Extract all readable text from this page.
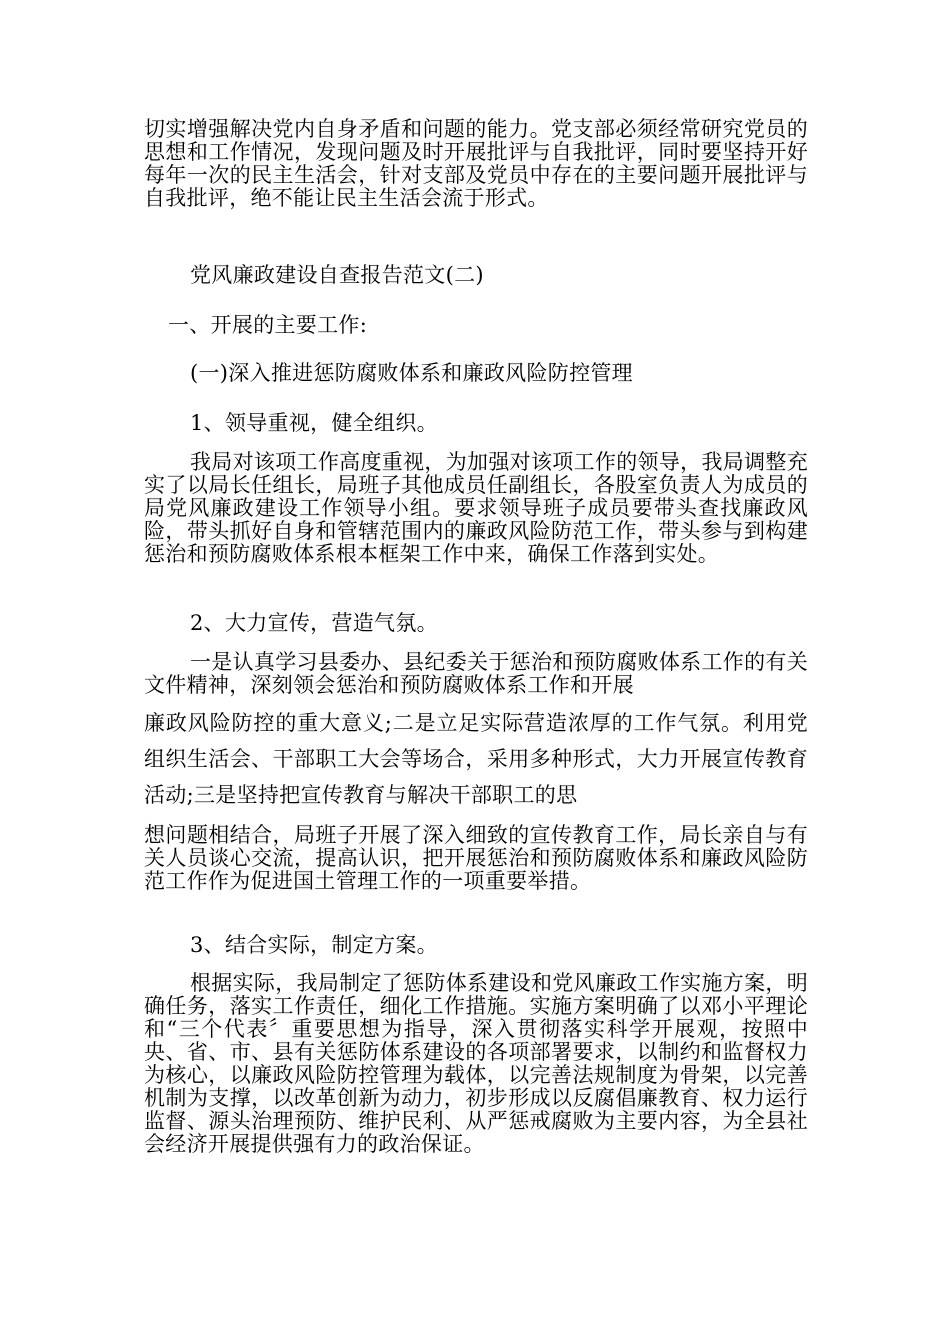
切实增强解决党内自身矛盾和问题的能力。党支部必须经常研究党员的思想和工作情况，发现问题及时开展批评与自我批评，同时要坚持开好每年一次的民主生活会，针对支部及党员中存在的主要问题开展批评与自我批评，绝不能让民主生活会流于形式。

党风廉政建设自查报告范文(二)

一、开展的主要工作:

(一)深入推进惩防腐败体系和廉政风险防控管理

1、领导重视，健全组织。

我局对该项工作高度重视，为加强对该项工作的领导，我局调整充实了以局长任组长，局班子其他成员任副组长，各股室负责人为成员的局党风廉政建设工作领导小组。要求领导班子成员要带头查找廉政风险，带头抓好自身和管辖范围内的廉政风险防范工作，带头参与到构建惩治和预防腐败体系根本框架工作中来，确保工作落到实处。

2、大力宣传，营造气氛。

一是认真学习县委办、县纪委关于惩治和预防腐败体系工作的有关文件精神，深刻领会惩治和预防腐败体系工作和开展

廉政风险防控的重大意义;二是立足实际营造浓厚的工作气氛。利用党组织生活会、干部职工大会等场合，采用多种形式，大力开展宣传教育活动;三是坚持把宣传教育与解决干部职工的思

想问题相结合，局班子开展了深入细致的宣传教育工作，局长亲自与有关人员谈心交流，提高认识，把开展惩治和预防腐败体系和廉政风险防范工作作为促进国土管理工作的一项重要举措。

3、结合实际，制定方案。

根据实际，我局制定了惩防体系建设和党风廉政工作实施方案，明确任务，落实工作责任，细化工作措施。实施方案明确了以邓小平理论和“三个代表〞重要思想为指导，深入贯彻落实科学开展观，按照中央、省、市、县有关惩防体系建设的各项部署要求，以制约和监督权力为核心，以廉政风险防控管理为载体，以完善法规制度为骨架，以完善机制为支撑，以改革创新为动力，初步形成以反腐倡廉教育、权力运行监督、源头治理预防、维护民利、从严惩戒腐败为主要内容，为全县社会经济开展提供强有力的政治保证。
